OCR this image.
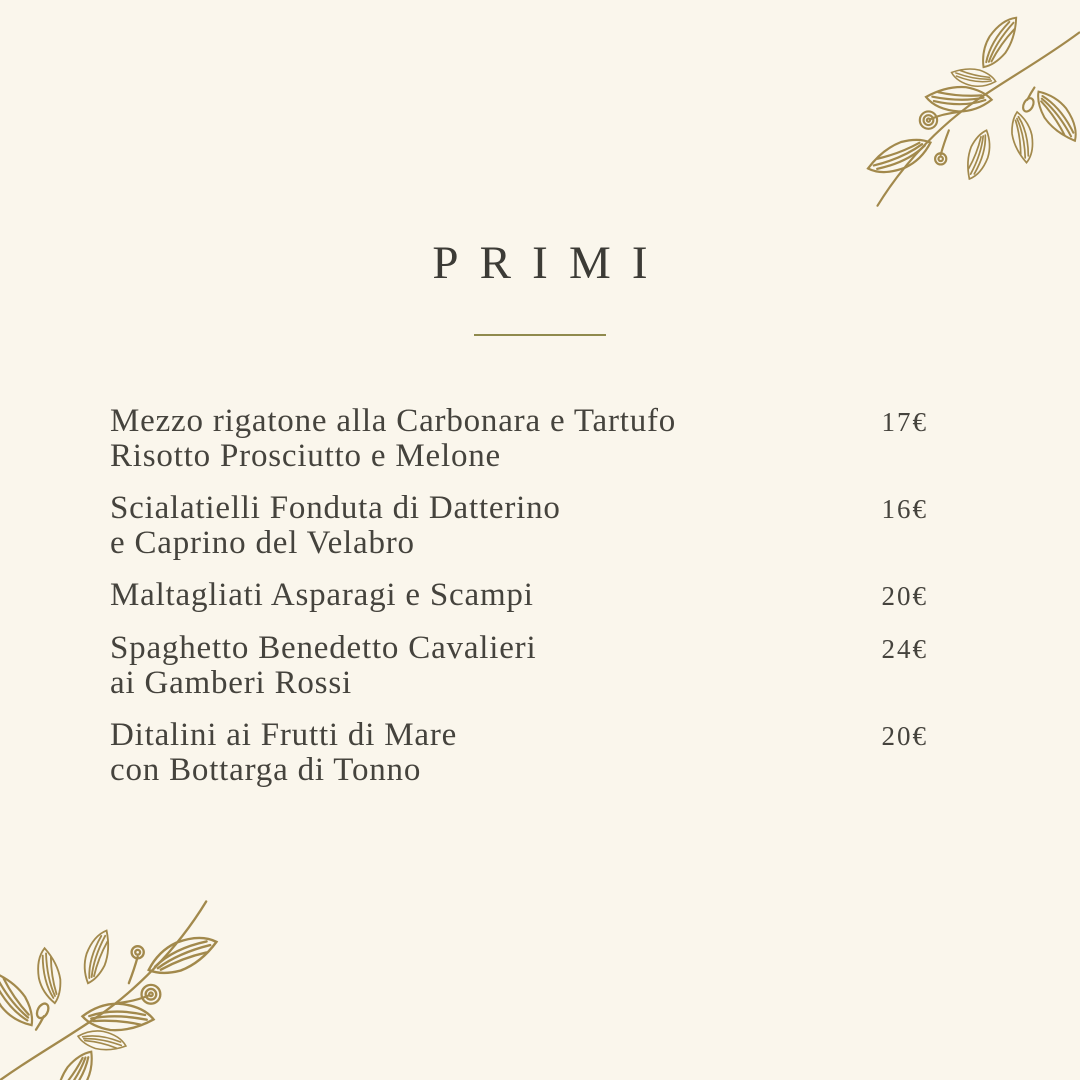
PRIMI
Mezzo rigatone alla Carbonara e Tartufo
Risotto Prosciutto e Melone
17€
Scialatielli Fonduta di Datterino
e Caprino del Velabro
16€
Maltagliati Asparagi e Scampi	20€
Spaghetto Benedetto Cavalieri
ai Gamberi Rossi
24€
Ditalini ai Frutti di Mare
con Bottarga di Tonno
20€
